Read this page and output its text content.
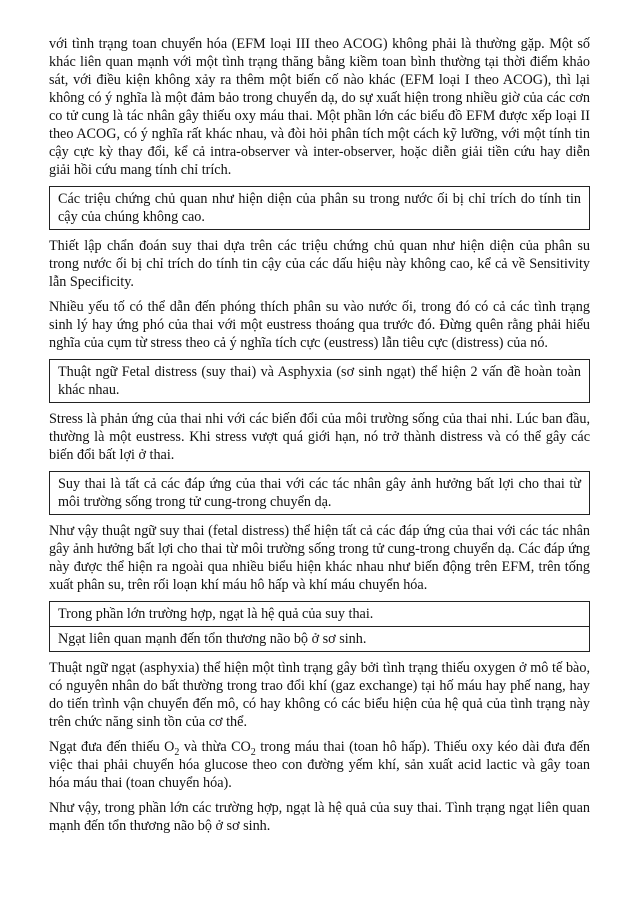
với tình trạng toan chuyển hóa (EFM loại III theo ACOG) không phải là thường gặp. Một số khác liên quan mạnh với một tình trạng thăng bằng kiềm toan bình thường tại thời điểm khảo sát, với điều kiện không xảy ra thêm một biến cố nào khác (EFM loại I theo ACOG), thì lại không có ý nghĩa là một đảm bảo trong chuyển dạ, do sự xuất hiện trong nhiều giờ của các cơn co tử cung là tác nhân gây thiếu oxy máu thai. Một phần lớn các biểu đồ EFM được xếp loại II theo ACOG, có ý nghĩa rất khác nhau, và đòi hỏi phân tích một cách kỹ lưỡng, với một tính tin cậy cực kỳ thay đổi, kể cả intra-observer và inter-observer, hoặc diễn giải tiền cứu hay diễn giải hồi cứu mang tính chỉ trích.

Các triệu chứng chủ quan như hiện diện của phân su trong nước ối bị chỉ trích do tính tin cậy của chúng không cao.

Thiết lập chẩn đoán suy thai dựa trên các triệu chứng chủ quan như hiện diện của phân su trong nước ối bị chỉ trích do tính tin cậy của các dấu hiệu này không cao, kể cả về Sensitivity lẫn Specificity.

Nhiều yếu tố có thể dẫn đến phóng thích phân su vào nước ối, trong đó có cả các tình trạng sinh lý hay ứng phó của thai với một eustress thoáng qua trước đó. Đừng quên rằng phải hiểu nghĩa của cụm từ stress theo cả ý nghĩa tích cực (eustress) lẫn tiêu cực (distress) của nó.

Thuật ngữ Fetal distress (suy thai) và Asphyxia (sơ sinh ngạt) thể hiện 2 vấn đề hoàn toàn khác nhau.

Stress là phản ứng của thai nhi với các biến đổi của môi trường sống của thai nhi. Lúc ban đầu, thường là một eustress. Khi stress vượt quá giới hạn, nó trở thành distress và có thể gây các biến đổi bất lợi ở thai.

Suy thai là tất cả các đáp ứng của thai với các tác nhân gây ảnh hưởng bất lợi cho thai từ môi trường sống trong tử cung-trong chuyển dạ.

Như vậy thuật ngữ suy thai (fetal distress) thể hiện tất cả các đáp ứng của thai với các tác nhân gây ảnh hưởng bất lợi cho thai từ môi trường sống trong tử cung-trong chuyển dạ. Các đáp ứng này được thể hiện ra ngoài qua nhiều biểu hiện khác nhau như biến động trên EFM, trên tống xuất phân su, trên rối loạn khí máu hô hấp và khí máu chuyển hóa.

Trong phần lớn trường hợp, ngạt là hệ quả của suy thai.

Ngạt liên quan mạnh đến tổn thương não bộ ở sơ sinh.

Thuật ngữ ngạt (asphyxia) thể hiện một tình trạng gây bởi tình trạng thiếu oxygen ở mô tế bào, có nguyên nhân do bất thường trong trao đổi khí (gaz exchange) tại hố máu hay phế nang, hay do tiến trình vận chuyển đến mô, có hay không có các biểu hiện của hệ quả của tình trạng này trên chức năng sinh tồn của cơ thể.

Ngạt đưa đến thiếu $O_2$ và thừa $CO_2$ trong máu thai (toan hô hấp). Thiếu oxy kéo dài đưa đến việc thai phải chuyển hóa glucose theo con đường yếm khí, sản xuất acid lactic và gây toan hóa máu thai (toan chuyển hóa).

Như vậy, trong phần lớn các trường hợp, ngạt là hệ quả của suy thai. Tình trạng ngạt liên quan mạnh đến tổn thương não bộ ở sơ sinh.
